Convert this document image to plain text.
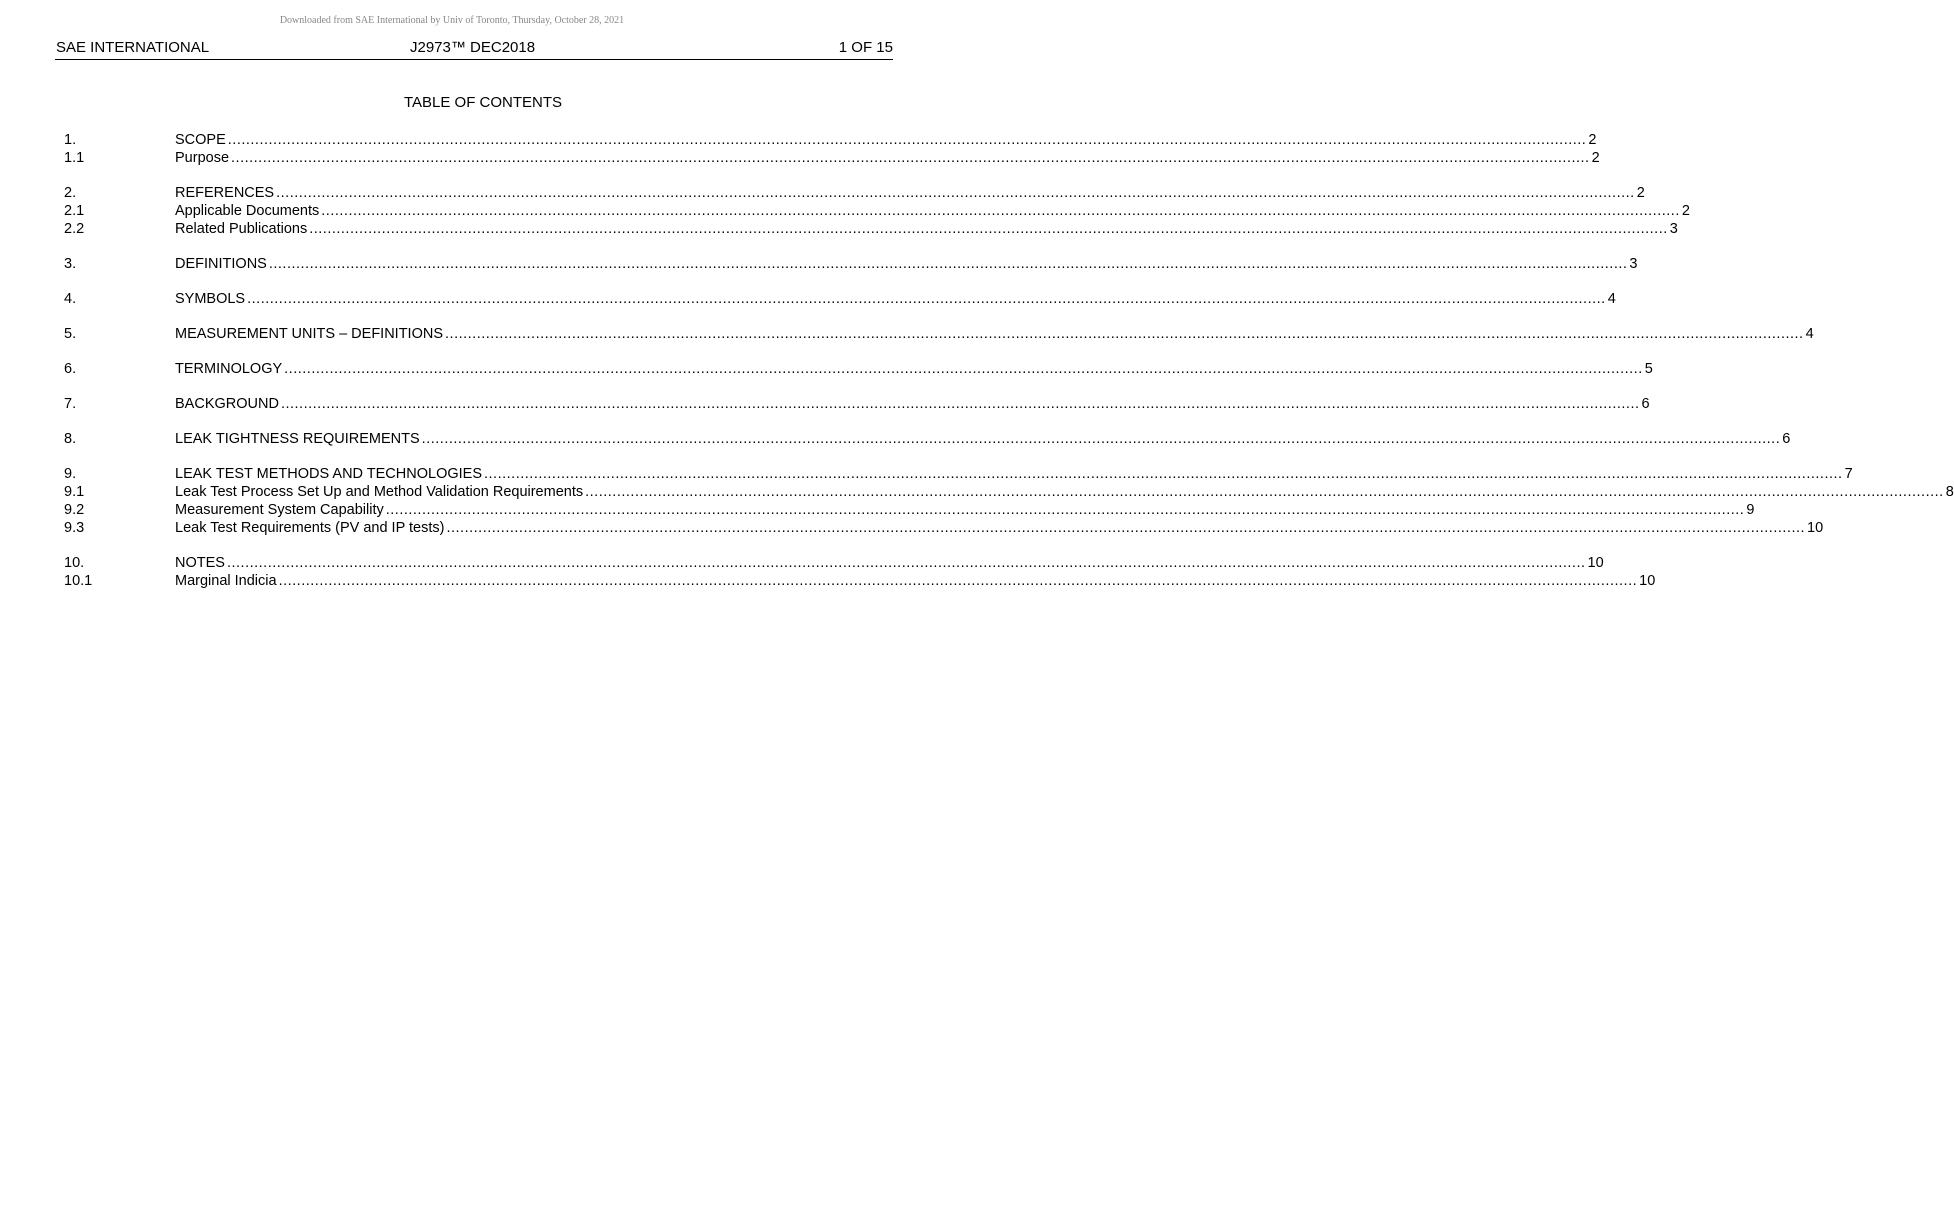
Downloaded from SAE International by Univ of Toronto, Thursday, October 28, 2021
SAE INTERNATIONAL	J2973™ DEC2018	1 OF 15
TABLE OF CONTENTS
1.	SCOPE ............................................................................................................................................................................................................................................................................................................ 2
1.1	Purpose ............................................................................................................................................................................................................................................................................................................ 2
2.	REFERENCES ............................................................................................................................................................................................................................................................................................................ 2
2.1	Applicable Documents ............................................................................................................................................................................................................................................................................................................ 2
2.2	Related Publications ............................................................................................................................................................................................................................................................................................................ 3
3.	DEFINITIONS ............................................................................................................................................................................................................................................................................................................ 3
4.	SYMBOLS ............................................................................................................................................................................................................................................................................................................ 4
5.	MEASUREMENT UNITS – DEFINITIONS ............................................................................................................................................................................................................................................................................................................ 4
6.	TERMINOLOGY ............................................................................................................................................................................................................................................................................................................ 5
7.	BACKGROUND ............................................................................................................................................................................................................................................................................................................ 6
8.	LEAK TIGHTNESS REQUIREMENTS ............................................................................................................................................................................................................................................................................................................ 6
9.	LEAK TEST METHODS AND TECHNOLOGIES ............................................................................................................................................................................................................................................................................................................ 7
9.1	Leak Test Process Set Up and Method Validation Requirements ............................................................................................................................................................................................................................................................................................................ 8
9.2	Measurement System Capability ............................................................................................................................................................................................................................................................................................................ 9
9.3	Leak Test Requirements (PV and IP tests) ............................................................................................................................................................................................................................................................................................................ 10
10.	NOTES ............................................................................................................................................................................................................................................................................................................ 10
10.1	Marginal Indicia ............................................................................................................................................................................................................................................................................................................ 10
